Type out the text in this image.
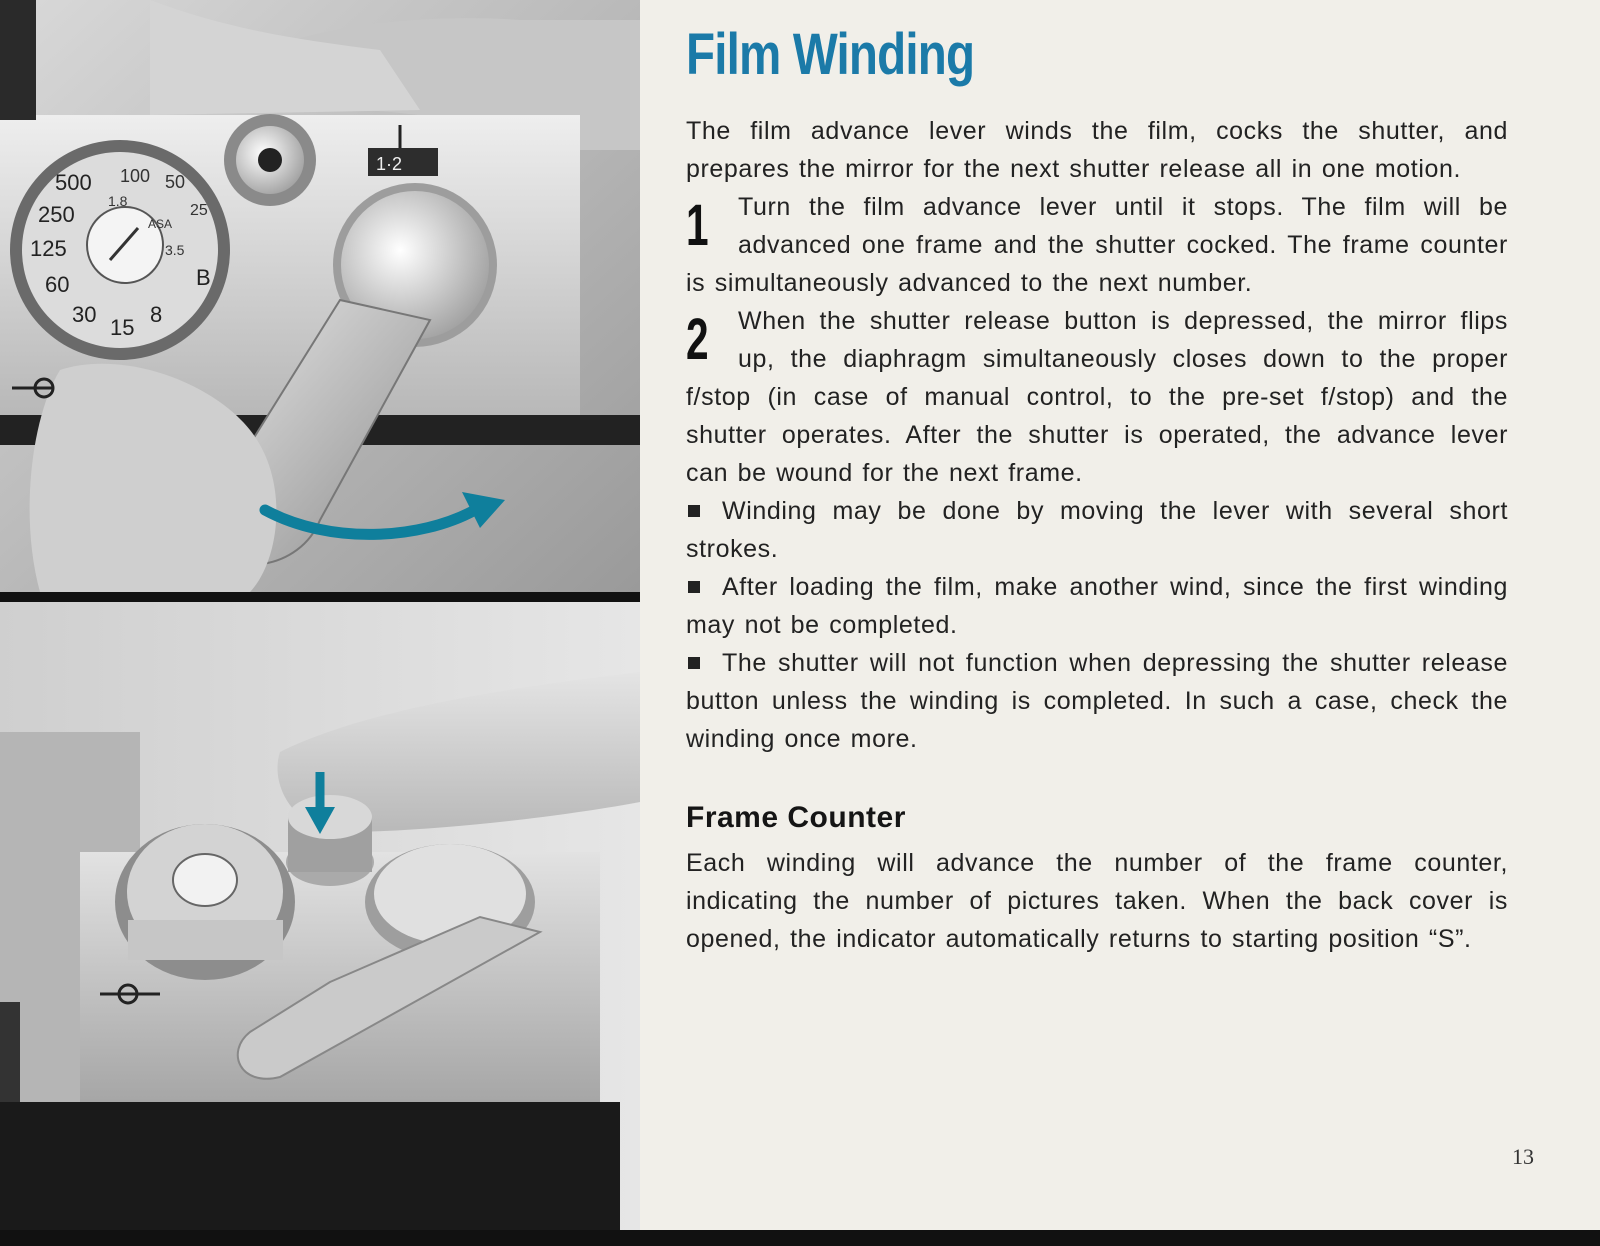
500
250
125
60
30
15
8
B
100 50
25
1.8
3.5
ASA
1·2
Film Winding

The film advance lever winds the film, cocks the shutter, and prepares the mirror for the next shutter release all in one motion.

1 Turn the film advance lever until it stops. The film will be advanced one frame and the shutter cocked. The frame counter is simultaneously advanced to the next number.

2 When the shutter release button is depressed, the mirror flips up, the diaphragm simultaneously closes down to the proper f/stop (in case of manual control, to the pre-set f/stop) and the shutter operates. After the shutter is operated, the advance lever can be wound for the next frame.

Winding may be done by moving the lever with several short strokes.

After loading the film, make another wind, since the first winding may not be completed.

The shutter will not function when depressing the shutter release button unless the winding is completed. In such a case, check the winding once more.

Frame Counter

Each winding will advance the number of the frame counter, indicating the number of pictures taken. When the back cover is opened, the indicator automatically returns to starting position “S”.

13
